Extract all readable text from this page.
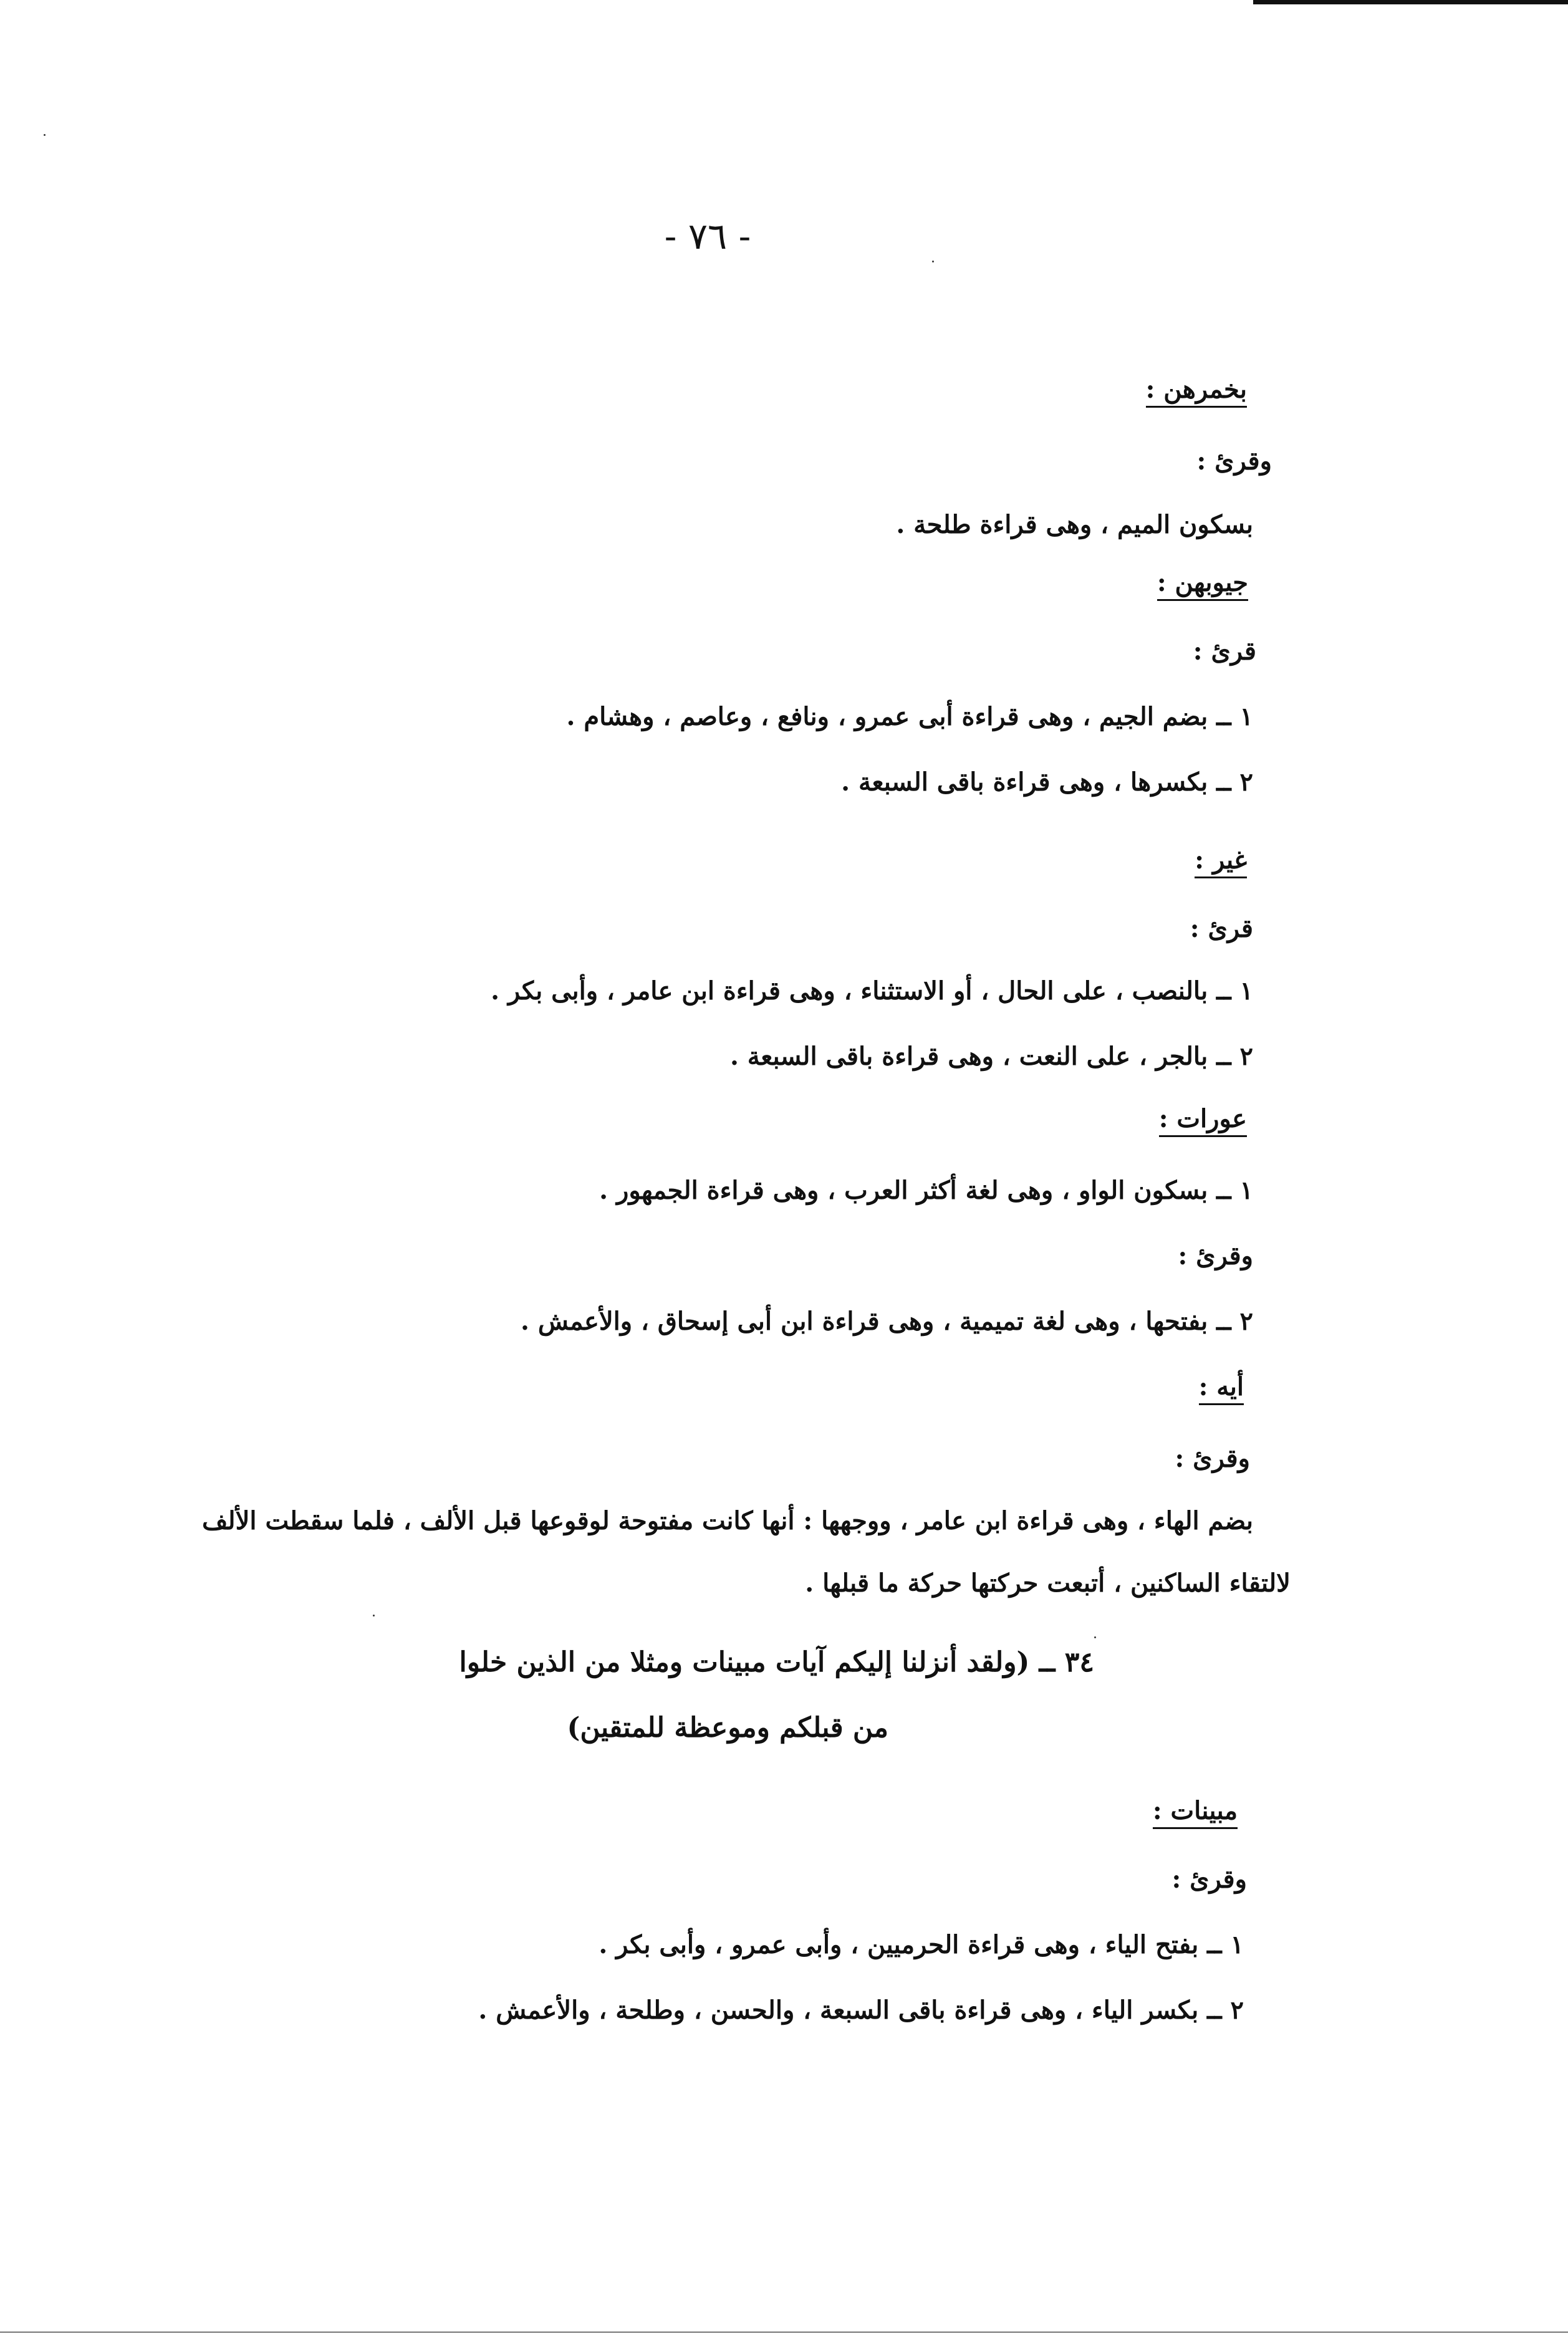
- ٧٦ -
بخمرهن :
وقرئ :
بسكون الميم ، وهى قراءة طلحة .
جيوبهن :
قرئ :
١ ــ بضم الجيم ، وهى قراءة أبى عمرو ، ونافع ، وعاصم ، وهشام .
٢ ــ بكسرها ، وهى قراءة باقى السبعة .
غير :
قرئ :
١ ــ بالنصب ، على الحال ، أو الاستثناء ، وهى قراءة ابن عامر ، وأبى بكر .
٢ ــ بالجر ، على النعت ، وهى قراءة باقى السبعة .
عورات :
١ ــ بسكون الواو ، وهى لغة أكثر العرب ، وهى قراءة الجمهور .
وقرئ :
٢ ــ بفتحها ، وهى لغة تميمية ، وهى قراءة ابن أبى إسحاق ، والأعمش .
أيه :
وقرئ :
بضم الهاء ، وهى قراءة ابن عامر ، ووجهها : أنها كانت مفتوحة لوقوعها قبل الألف ، فلما سقطت الألف
لالتقاء الساكنين ، أتبعت حركتها حركة ما قبلها .
٣٤ ــ (ولقد أنزلنا إليكم آيات مبينات ومثلا من الذين خلوا
من قبلكم وموعظة للمتقين)
مبينات :
وقرئ :
١ ــ بفتح الياء ، وهى قراءة الحرميين ، وأبى عمرو ، وأبى بكر .
٢ ــ بكسر الياء ، وهى قراءة باقى السبعة ، والحسن ، وطلحة ، والأعمش .
